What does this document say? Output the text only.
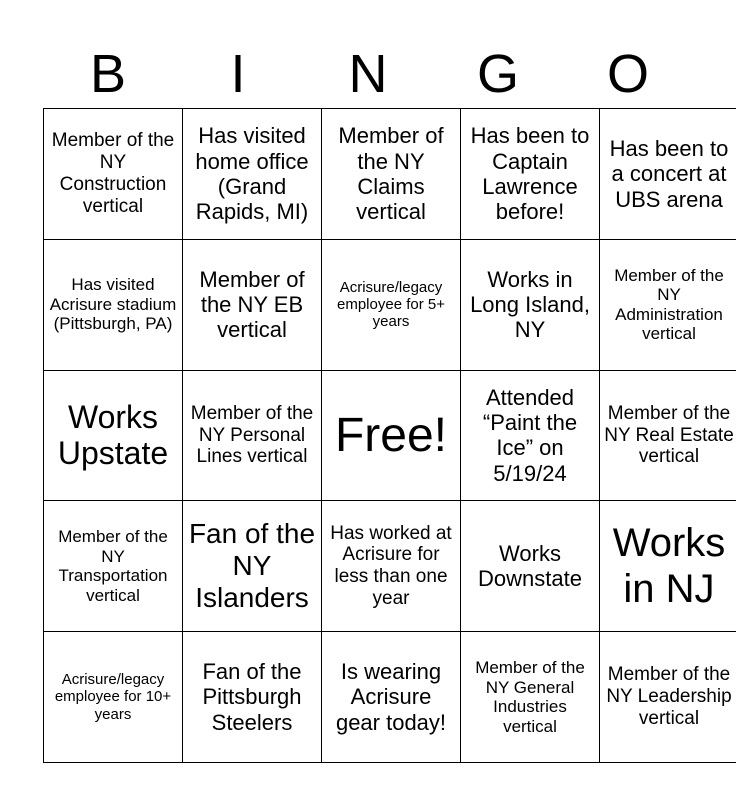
B	I	N	G	O
Member of the NY Construction vertical	Has visited home office (Grand Rapids, MI)	Member of the NY Claims vertical	Has been to Captain Lawrence before!	Has been to a concert at UBS arena
Has visited Acrisure stadium (Pittsburgh, PA)	Member of the NY EB vertical	Acrisure/legacy employee for 5+ years	Works in Long Island, NY	Member of the NY Administration vertical
Works Upstate	Member of the NY Personal Lines vertical	Free!	Attended “Paint the Ice” on 5/19/24	Member of the NY Real Estate vertical
Member of the NY Transportation vertical	Fan of the NY Islanders	Has worked at Acrisure for less than one year	Works Downstate	Works in NJ
Acrisure/legacy employee for 10+ years	Fan of the Pittsburgh Steelers	Is wearing Acrisure gear today!	Member of the NY General Industries vertical	Member of the NY Leadership vertical
